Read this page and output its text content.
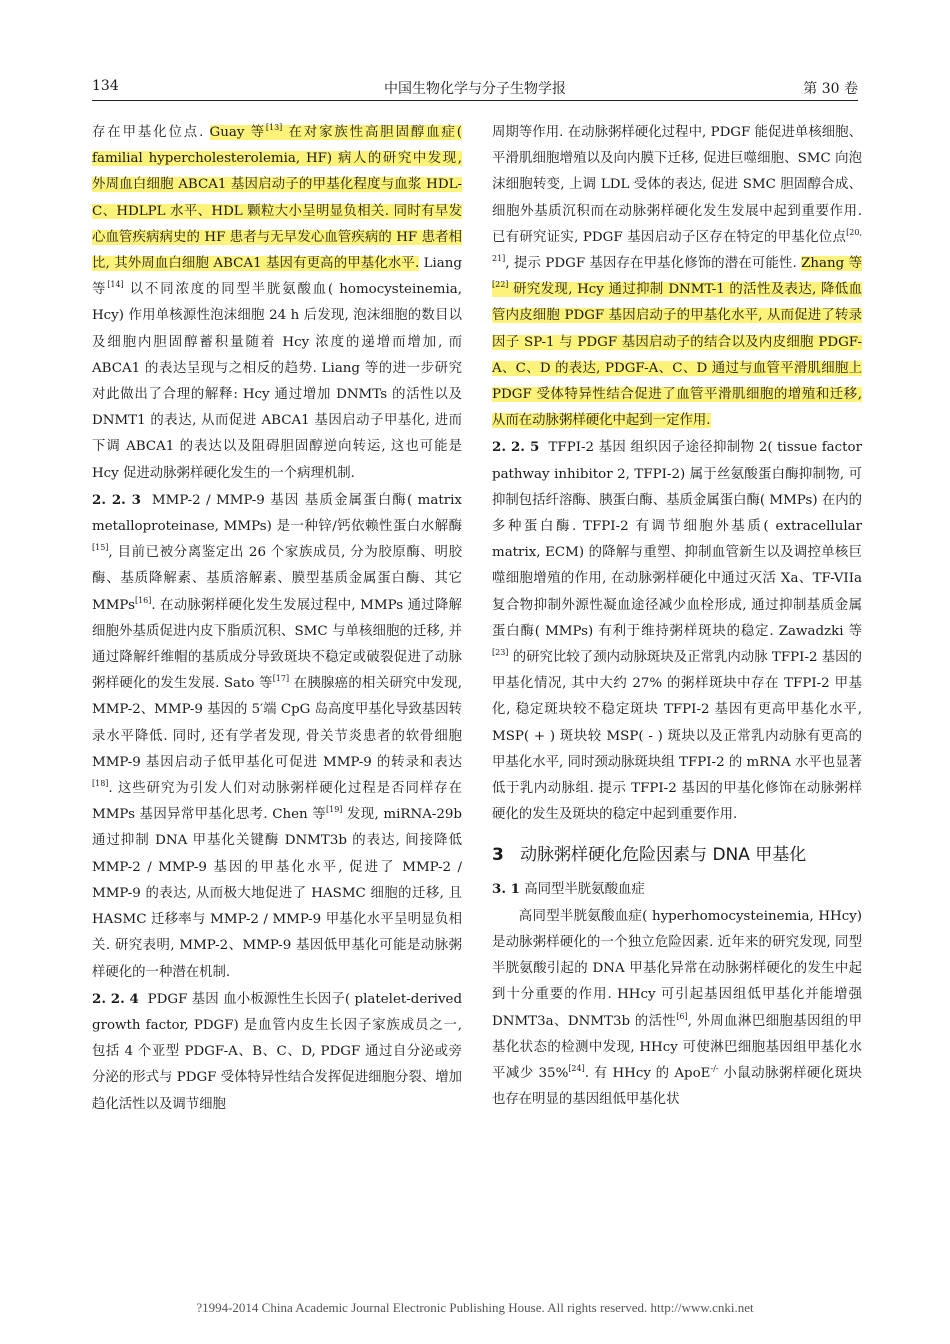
134	中国生物化学与分子生物学报	第 30 卷

存在甲基化位点. Guay 等[13] 在对家族性高胆固醇血症( familial hypercholesterolemia, HF) 病人的研究中发现, 外周血白细胞 ABCA1 基因启动子的甲基化程度与血浆 HDL-C、HDLPL 水平、HDL 颗粒大小呈明显负相关. 同时有早发心血管疾病病史的 HF 患者与无早发心血管疾病的 HF 患者相比, 其外周血白细胞 ABCA1 基因有更高的甲基化水平. Liang 等[14] 以不同浓度的同型半胱氨酸血( homocysteinemia, Hcy) 作用单核源性泡沫细胞 24 h 后发现, 泡沫细胞的数目以及细胞内胆固醇蓄积量随着 Hcy 浓度的递增而增加, 而 ABCA1 的表达呈现与之相反的趋势. Liang 等的进一步研究对此做出了合理的解释: Hcy 通过增加 DNMTs 的活性以及 DNMT1 的表达, 从而促进 ABCA1 基因启动子甲基化, 进而下调 ABCA1 的表达以及阻碍胆固醇逆向转运, 这也可能是 Hcy 促进动脉粥样硬化发生的一个病理机制.

2. 2. 3 MMP-2 / MMP-9 基因 基质金属蛋白酶( matrix metalloproteinase, MMPs) 是一种锌/钙依赖性蛋白水解酶[15], 目前已被分离鉴定出 26 个家族成员, 分为胶原酶、明胶酶、基质降解素、基质溶解素、膜型基质金属蛋白酶、其它 MMPs[16]. 在动脉粥样硬化发生发展过程中, MMPs 通过降解细胞外基质促进内皮下脂质沉积、SMC 与单核细胞的迁移, 并通过降解纤维帽的基质成分导致斑块不稳定或破裂促进了动脉粥样硬化的发生发展. Sato 等[17] 在胰腺癌的相关研究中发现, MMP-2、MMP-9 基因的 5′端 CpG 岛高度甲基化导致基因转录水平降低. 同时, 还有学者发现, 骨关节炎患者的软骨细胞 MMP-9 基因启动子低甲基化可促进 MMP-9 的转录和表达[18]. 这些研究为引发人们对动脉粥样硬化过程是否同样存在 MMPs 基因异常甲基化思考. Chen 等[19] 发现, miRNA-29b 通过抑制 DNA 甲基化关键酶 DNMT3b 的表达, 间接降低 MMP-2 / MMP-9 基因的甲基化水平, 促进了 MMP-2 / MMP-9 的表达, 从而极大地促进了 HASMC 细胞的迁移, 且 HASMC 迁移率与 MMP-2 / MMP-9 甲基化水平呈明显负相关. 研究表明, MMP-2、MMP-9 基因低甲基化可能是动脉粥样硬化的一种潜在机制.

2. 2. 4 PDGF 基因 血小板源性生长因子( platelet-derived growth factor, PDGF) 是血管内皮生长因子家族成员之一, 包括 4 个亚型 PDGF-A、B、C、D, PDGF 通过自分泌或旁分泌的形式与 PDGF 受体特异性结合发挥促进细胞分裂、增加趋化活性以及调节细胞

周期等作用. 在动脉粥样硬化过程中, PDGF 能促进单核细胞、平滑肌细胞增殖以及向内膜下迁移, 促进巨噬细胞、SMC 向泡沫细胞转变, 上调 LDL 受体的表达, 促进 SMC 胆固醇合成、细胞外基质沉积而在动脉粥样硬化发生发展中起到重要作用. 已有研究证实, PDGF 基因启动子区存在特定的甲基化位点[20, 21], 提示 PDGF 基因存在甲基化修饰的潜在可能性. Zhang 等[22] 研究发现, Hcy 通过抑制 DNMT-1 的活性及表达, 降低血管内皮细胞 PDGF 基因启动子的甲基化水平, 从而促进了转录因子 SP-1 与 PDGF 基因启动子的结合以及内皮细胞 PDGF-A、C、D 的表达, PDGF-A、C、D 通过与血管平滑肌细胞上 PDGF 受体特异性结合促进了血管平滑肌细胞的增殖和迁移, 从而在动脉粥样硬化中起到一定作用.

2. 2. 5 TFPI-2 基因 组织因子途径抑制物 2( tissue factor pathway inhibitor 2, TFPI-2) 属于丝氨酸蛋白酶抑制物, 可抑制包括纤溶酶、胰蛋白酶、基质金属蛋白酶( MMPs) 在内的多种蛋白酶. TFPI-2 有调节细胞外基质( extracellular matrix, ECM) 的降解与重塑、抑制血管新生以及调控单核巨噬细胞增殖的作用, 在动脉粥样硬化中通过灭活 Xa、TF-VIIa 复合物抑制外源性凝血途径减少血栓形成, 通过抑制基质金属蛋白酶( MMPs) 有利于维持粥样斑块的稳定. Zawadzki 等[23] 的研究比较了颈内动脉斑块及正常乳内动脉 TFPI-2 基因的甲基化情况, 其中大约 27% 的粥样斑块中存在 TFPI-2 甲基化, 稳定斑块较不稳定斑块 TFPI-2 基因有更高甲基化水平, MSP( + ) 斑块较 MSP( - ) 斑块以及正常乳内动脉有更高的甲基化水平, 同时颈动脉斑块组 TFPI-2 的 mRNA 水平也显著低于乳内动脉组. 提示 TFPI-2 基因的甲基化修饰在动脉粥样硬化的发生及斑块的稳定中起到重要作用.

3 动脉粥样硬化危险因素与 DNA 甲基化

3. 1 高同型半胱氨酸血症

高同型半胱氨酸血症( hyperhomocysteinemia, HHcy) 是动脉粥样硬化的一个独立危险因素. 近年来的研究发现, 同型半胱氨酸引起的 DNA 甲基化异常在动脉粥样硬化的发生中起到十分重要的作用. HHcy 可引起基因组低甲基化并能增强 DNMT3a、DNMT3b 的活性[6], 外周血淋巴细胞基因组的甲基化状态的检测中发现, HHcy 可使淋巴细胞基因组甲基化水平减少 35%[24]. 有 HHcy 的 ApoE-/- 小鼠动脉粥样硬化斑块也存在明显的基因组低甲基化状

?1994-2014 China Academic Journal Electronic Publishing House. All rights reserved. http://www.cnki.net
